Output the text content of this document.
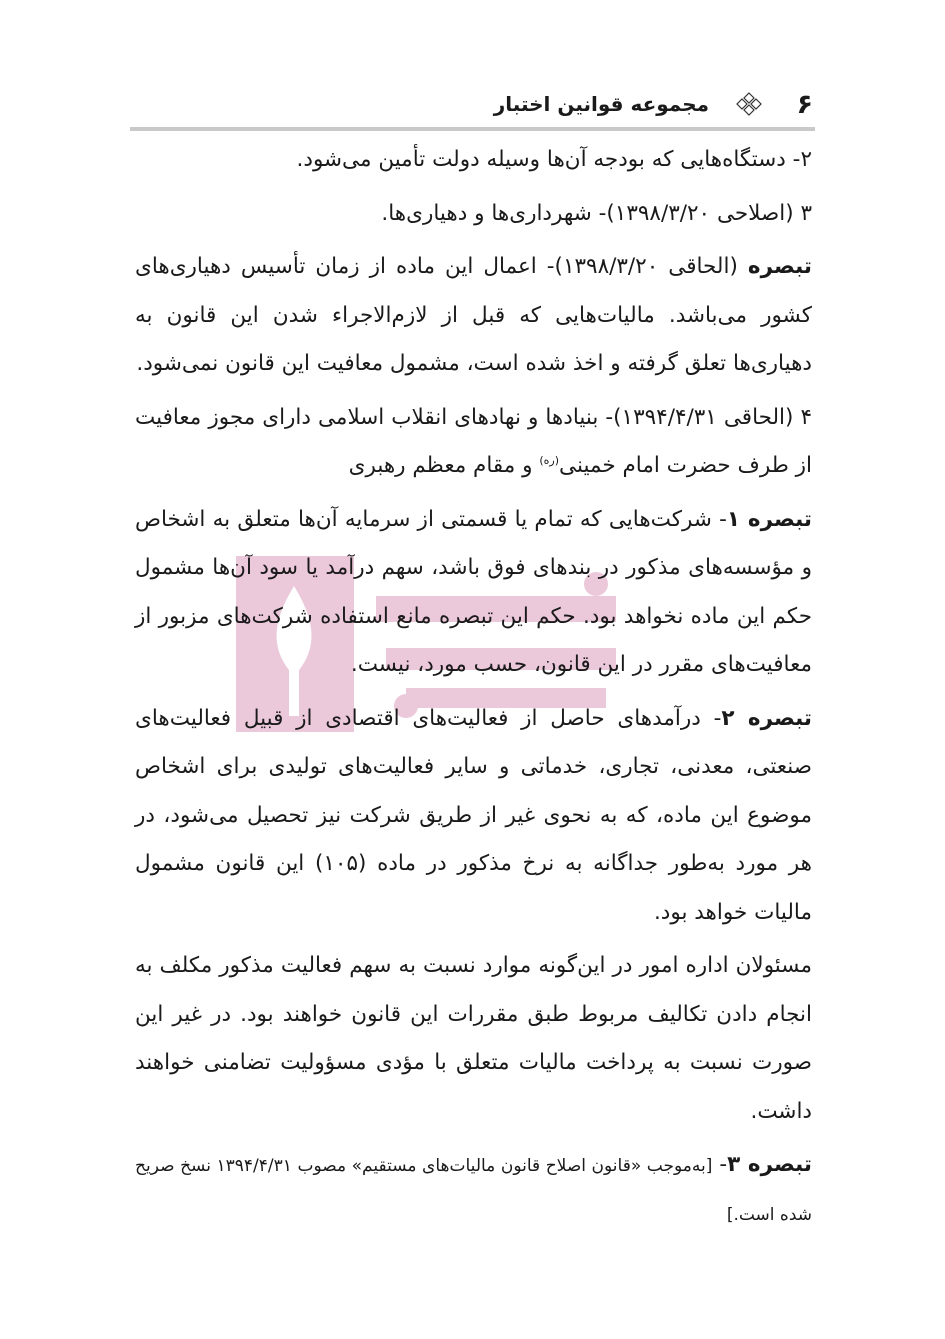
۶
مجموعه قوانین اختبار

۲- دستگاه‌هایی که بودجه آن‌ها وسیله دولت تأمین می‌شود.

۳ (اصلاحی ۱۳۹۸/۳/۲۰)- شهرداری‌ها و دهیاری‌ها.

تبصره (الحاقی ۱۳۹۸/۳/۲۰)- اعمال این ماده از زمان تأسیس دهیاری‌های کشور می‌باشد. مالیات‌هایی که قبل از لازم‌الاجراء شدن این قانون به دهیاری‌ها تعلق گرفته و اخذ شده است، مشمول معافیت این قانون نمی‌شود.

۴ (الحاقی ۱۳۹۴/۴/۳۱)- بنیادها و نهادهای انقلاب اسلامی دارای مجوز معافیت از طرف حضرت امام خمینی$^{(ره)}$ و مقام معظم رهبری

تبصره ۱- شرکت‌هایی که تمام یا قسمتی از سرمایه آن‌ها متعلق به اشخاص و مؤسسه‌های مذکور در بندهای فوق باشد، سهم درآمد یا سود آن‌ها مشمول حکم این ماده نخواهد بود. حکم این تبصره مانع استفاده شرکت‌های مزبور از معافیت‌های مقرر در این قانون، حسب مورد، نیست.

تبصره ۲- درآمدهای حاصل از فعالیت‌های اقتصادی از قبیل فعالیت‌های صنعتی، معدنی، تجاری، خدماتی و سایر فعالیت‌های تولیدی برای اشخاص موضوع این ماده، که به نحوی غیر از طریق شرکت نیز تحصیل می‌شود، در هر مورد به‌طور جداگانه به نرخ مذکور در ماده (۱۰۵) این قانون مشمول مالیات خواهد بود.

مسئولان اداره امور در این‌گونه موارد نسبت به سهم فعالیت مذکور مکلف به انجام دادن تکالیف مربوط طبق مقررات این قانون خواهند بود. در غیر این صورت نسبت به پرداخت مالیات متعلق با مؤدی مسؤولیت تضامنی خواهند داشت.

تبصره ۳- [به‌موجب «قانون اصلاح قانون مالیات‌های مستقیم» مصوب ۱۳۹۴/۴/۳۱ نسخ صریح شده است.]
